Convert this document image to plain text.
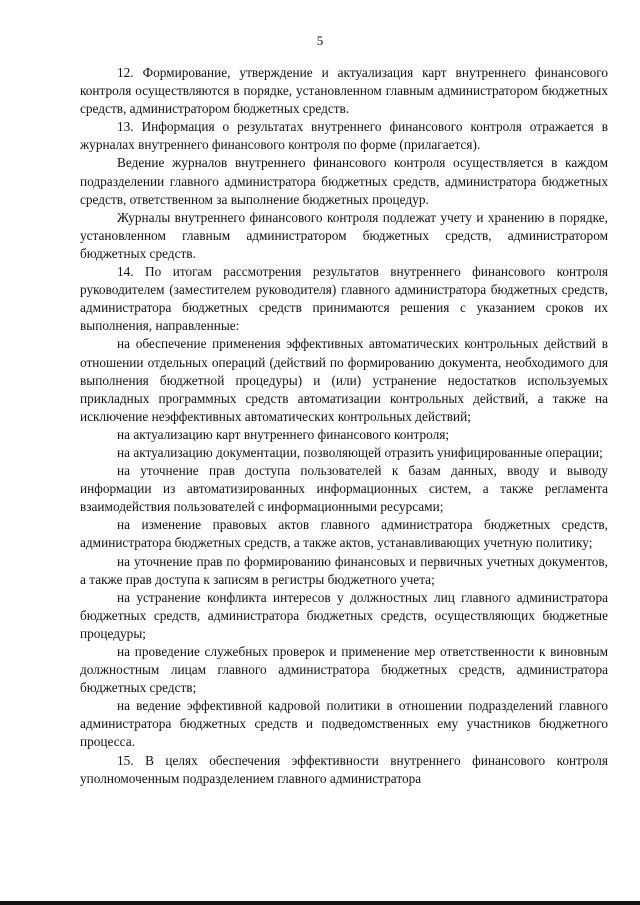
5

12. Формирование, утверждение и актуализация карт внутреннего финансового контроля осуществляются в порядке, установленном главным администратором бюджетных средств, администратором бюджетных средств.

13. Информация о результатах внутреннего финансового контроля отражается в журналах внутреннего финансового контроля по форме (прилагается).

Ведение журналов внутреннего финансового контроля осуществляется в каждом подразделении главного администратора бюджетных средств, администратора бюджетных средств, ответственном за выполнение бюджетных процедур.

Журналы внутреннего финансового контроля подлежат учету и хранению в порядке, установленном главным администратором бюджетных средств, администратором бюджетных средств.

14. По итогам рассмотрения результатов внутреннего финансового контроля руководителем (заместителем руководителя) главного администратора бюджетных средств, администратора бюджетных средств принимаются решения с указанием сроков их выполнения, направленные:

на обеспечение применения эффективных автоматических контрольных действий в отношении отдельных операций (действий по формированию документа, необходимого для выполнения бюджетной процедуры) и (или) устранение недостатков используемых прикладных программных средств автоматизации контрольных действий, а также на исключение неэффективных автоматических контрольных действий;

на актуализацию карт внутреннего финансового контроля;

на актуализацию документации, позволяющей отразить унифицированные операции;

на уточнение прав доступа пользователей к базам данных, вводу и выводу информации из автоматизированных информационных систем, а также регламента взаимодействия пользователей с информационными ресурсами;

на изменение правовых актов главного администратора бюджетных средств, администратора бюджетных средств, а также актов, устанавливающих учетную политику;

на уточнение прав по формированию финансовых и первичных учетных документов, а также прав доступа к записям в регистры бюджетного учета;

на устранение конфликта интересов у должностных лиц главного администратора бюджетных средств, администратора бюджетных средств, осуществляющих бюджетные процедуры;

на проведение служебных проверок и применение мер ответственности к виновным должностным лицам главного администратора бюджетных средств, администратора бюджетных средств;

на ведение эффективной кадровой политики в отношении подразделений главного администратора бюджетных средств и подведомственных ему участников бюджетного процесса.

15. В целях обеспечения эффективности внутреннего финансового контроля уполномоченным подразделением главного администратора
